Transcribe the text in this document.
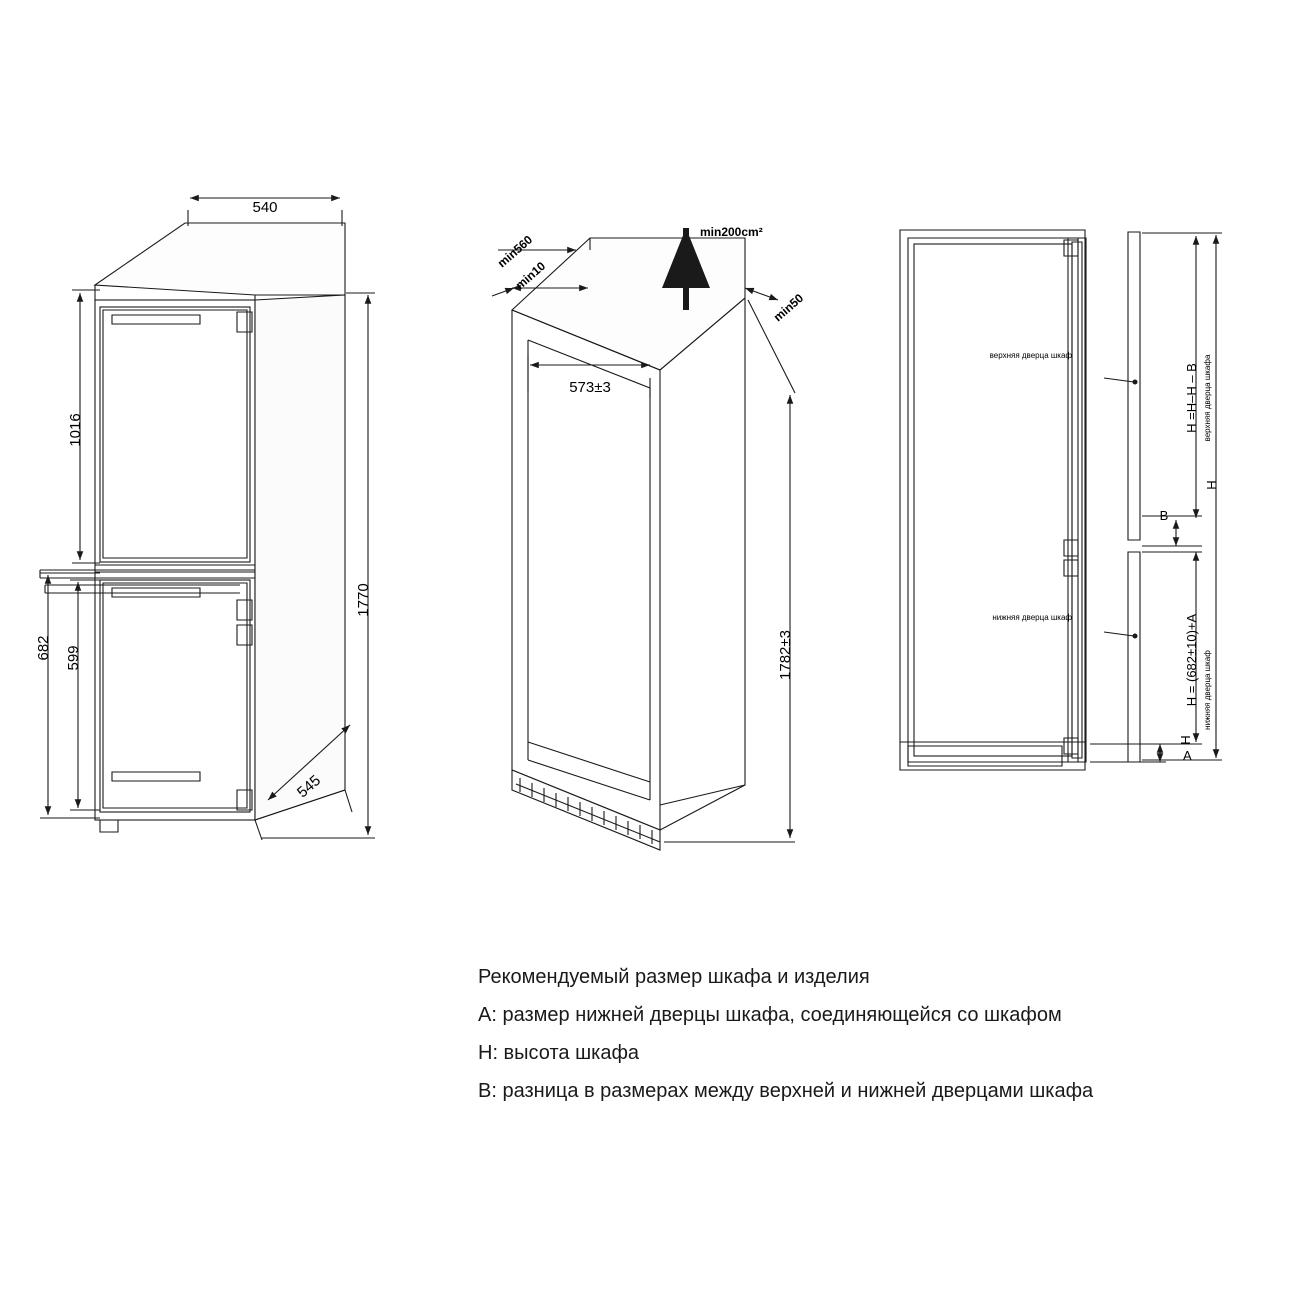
540
1016
682 599
1770
545
min560
min10
min200cm²
min50
573±3
1782±3
верхняя дверца шкаф
нижняя дверца шкаф
Н =Н–Н – В верхняя дверца шкафа
В
Н = (682±10)+А нижняя дверца шкаф
Н
Н
А
Рекомендуемый размер шкафа и изделия
А: размер нижней дверцы шкафа, соединяющейся со шкафом
Н: высота шкафа
В: разница в размерах между верхней и нижней дверцами шкафа
